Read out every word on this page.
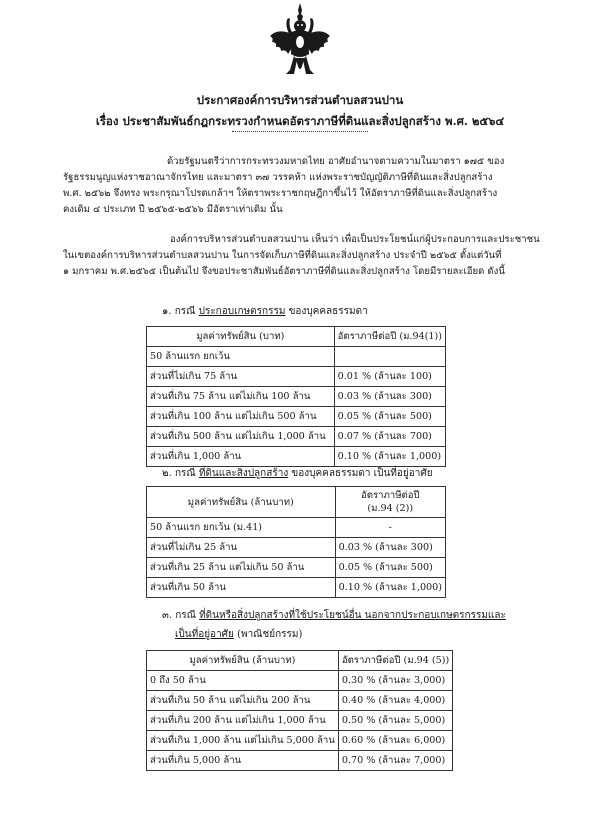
ประกาศองค์การบริหารส่วนตำบลสวนปาน
เรื่อง ประชาสัมพันธ์กฎกระทรวงกำหนดอัตราภาษีที่ดินและสิ่งปลูกสร้าง พ.ศ. ๒๕๖๔
ด้วยรัฐมนตรีว่าการกระทรวงมหาดไทย อาศัยอำนาจตามความในมาตรา ๑๗๕ ของ
รัฐธรรมนูญแห่งราชอาณาจักรไทย และมาตรา ๓๗ วรรคห้า แห่งพระราชบัญญัติภาษีที่ดินและสิ่งปลูกสร้าง
พ.ศ. ๒๕๖๒ จึงทรง พระกรุณาโปรดเกล้าฯ ให้ตราพระราชกฤษฎีกาขึ้นไว้ ให้อัตราภาษีที่ดินและสิ่งปลูกสร้าง
คงเดิม ๔ ประเภท ปี ๒๕๖๕-๒๕๖๖ มีอัตราเท่าเดิม นั้น
องค์การบริหารส่วนตำบลสวนปาน เห็นว่า เพื่อเป็นประโยชน์แก่ผู้ประกอบการและประชาชน
ในเขตองค์การบริหารส่วนตำบลสวนปาน ในการจัดเก็บภาษีที่ดินและสิ่งปลูกสร้าง ประจำปี ๒๕๖๕ ตั้งแต่วันที่
๑ มกราคม พ.ศ.๒๕๖๕ เป็นต้นไป จึงขอประชาสัมพันธ์อัตราภาษีที่ดินและสิ่งปลูกสร้าง โดยมีรายละเอียด ดังนี้
๑. กรณี ประกอบเกษตรกรรม ของบุคคลธรรมดา
มูลค่าทรัพย์สิน (บาท)	อัตราภาษีต่อปี (ม.94(1))
50 ล้านแรก ยกเว้น	
ส่วนที่ไม่เกิน 75 ล้าน	0.01 % (ล้านละ 100)
ส่วนที่เกิน 75 ล้าน แต่ไม่เกิน 100 ล้าน	0.03 % (ล้านละ 300)
ส่วนที่เกิน 100 ล้าน แต่ไม่เกิน 500 ล้าน	0.05 % (ล้านละ 500)
ส่วนที่เกิน 500 ล้าน แต่ไม่เกิน 1,000 ล้าน	0.07 % (ล้านละ 700)
ส่วนที่เกิน 1,000 ล้าน	0.10 % (ล้านละ 1,000)
๒. กรณี ที่ดินและสิ่งปลูกสร้าง ของบุคคลธรรมดา เป็นที่อยู่อาศัย
มูลค่าทรัพย์สิน (ล้านบาท)	อัตราภาษีต่อปี
(ม.94 (2))

50 ล้านแรก ยกเว้น (ม.41)	-
ส่วนที่ไม่เกิน 25 ล้าน	0.03 % (ล้านละ 300)
ส่วนที่เกิน 25 ล้าน แต่ไม่เกิน 50 ล้าน	0.05 % (ล้านละ 500)
ส่วนที่เกิน 50 ล้าน	0.10 % (ล้านละ 1,000)
๓. กรณี ที่ดินหรือสิ่งปลูกสร้างที่ใช้ประโยชน์อื่น นอกจากประกอบเกษตรกรรมและ
เป็นที่อยู่อาศัย (พาณิชย์กรรม)
มูลค่าทรัพย์สิน (ล้านบาท)	อัตราภาษีต่อปี (ม.94 (5))
0 ถึง 50 ล้าน	0.30 % (ล้านละ 3,000)
ส่วนที่เกิน 50 ล้าน แต่ไม่เกิน 200 ล้าน	0.40 % (ล้านละ 4,000)
ส่วนที่เกิน 200 ล้าน แต่ไม่เกิน 1,000 ล้าน	0.50 % (ล้านละ 5,000)
ส่วนที่เกิน 1,000 ล้าน แต่ไม่เกิน 5,000 ล้าน	0.60 % (ล้านละ 6,000)
ส่วนที่เกิน 5,000 ล้าน	0.70 % (ล้านละ 7,000)
